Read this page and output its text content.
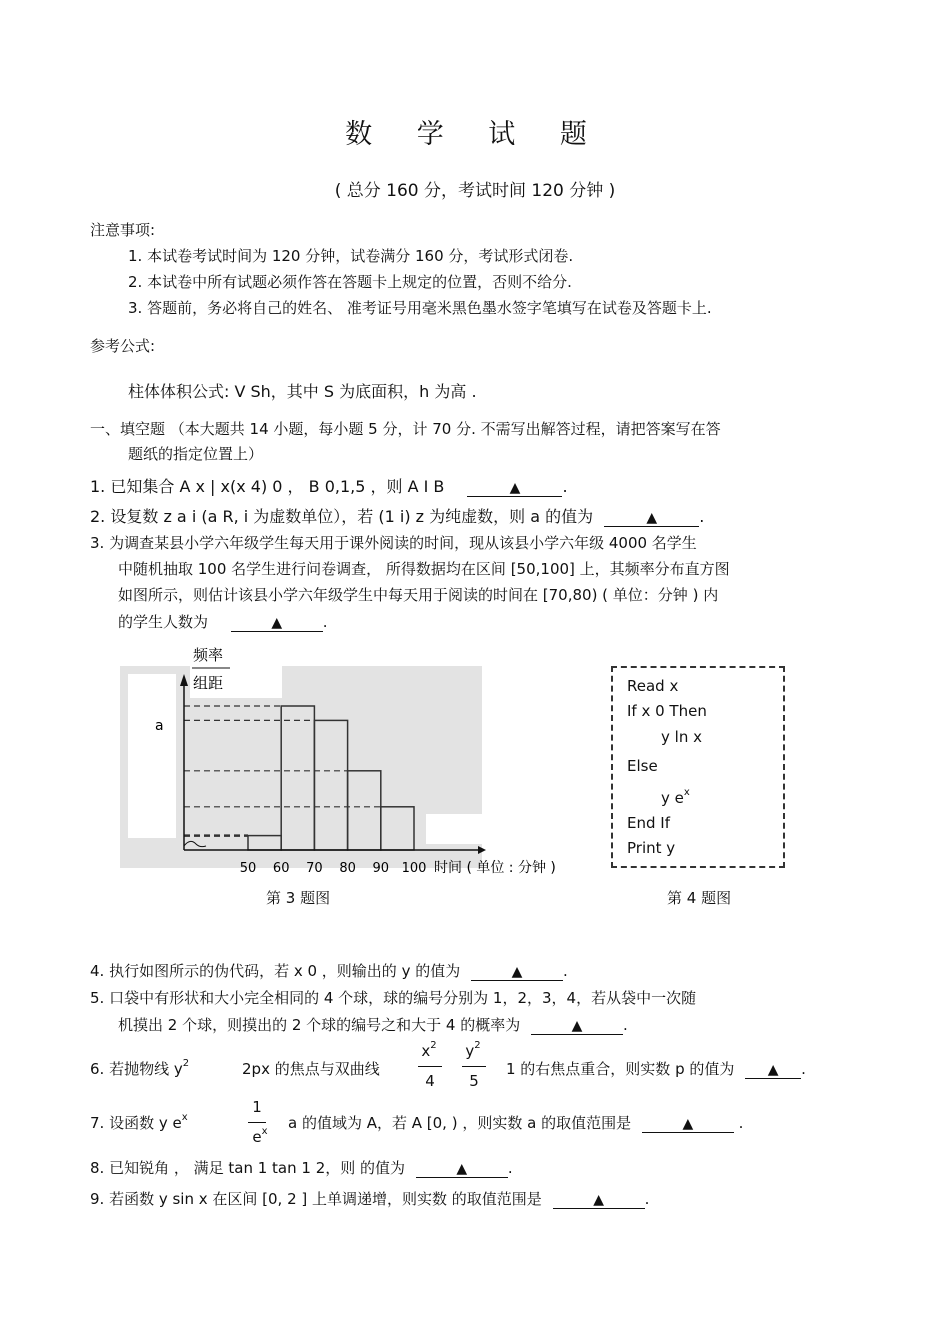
数 学 试 题
( 总分 160 分，考试时间 120 分钟 )
注意事项:
1. 本试卷考试时间为 120 分钟，试卷满分 160 分，考试形式闭卷.
2. 本试卷中所有试题必须作答在答题卡上规定的位置，否则不给分.
3. 答题前，务必将自己的姓名、 准考证号用毫米黑色墨水签字笔填写在试卷及答题卡上.
参考公式:
柱体体积公式: V Sh，其中 S 为底面积，h 为高 .
一、填空题 （本大题共 14 小题，每小题 5 分，计 70 分. 不需写出解答过程，请把答案写在答
题纸的指定位置上）
1. 已知集合 A x | x(x 4) 0 ， B 0,1,5 ，则 A I B	▲	.
2. 设复数 z a i (a R, i 为虚数单位），若 (1 i) z 为纯虚数，则 a 的值为	▲	.
3. 为调查某县小学六年级学生每天用于课外阅读的时间，现从该县小学六年级 4000 名学生
中随机抽取 100 名学生进行问卷调查， 所得数据均在区间 [50,100] 上，其频率分布直方图
如图所示，则估计该县小学六年级学生中每天用于阅读的时间在 [70,80) ( 单位：分钟 ) 内
的学生人数为	▲	.
频率
组距
a
50 60 70 80 90 100 时间 ( 单位 : 分钟 )
第 3 题图
Read x
If x 0 Then
y ln x
Else
y $e^x$
End If
Print y
第 4 题图
4. 执行如图所示的伪代码，若 x 0 ，则输出的 y 的值为	▲	.
5. 口袋中有形状和大小完全相同的 4 个球，球的编号分别为 1，2，3，4，若从袋中一次随
机摸出 2 个球，则摸出的 2 个球的编号之和大于 4 的概率为	▲	.
6. 若抛物线 $y^2$	2px 的焦点与双曲线
$x^2$
4
$y^2$
5
1 的右焦点重合，则实数 p 的值为 ▲ .
7. 设函数 y $e^x$
1
$e^x$ a 的值域为 A，若 A [0, ) ，则实数 a 的取值范围是	▲	.
8. 已知锐角 ， 满足 tan 1 tan 1 2，则 的值为	▲	.
9. 若函数 y sin x 在区间 [0, 2 ] 上单调递增，则实数 的取值范围是	▲	.
